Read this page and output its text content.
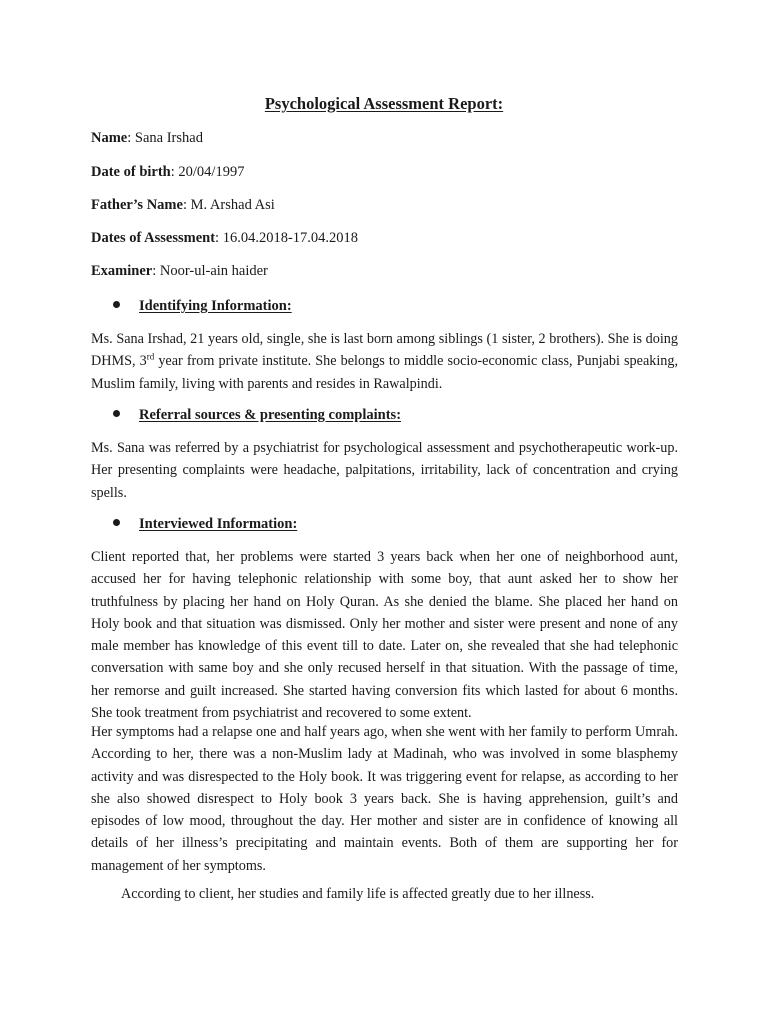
Psychological Assessment Report:
Name: Sana Irshad
Date of birth: 20/04/1997
Father’s Name: M. Arshad Asi
Dates of Assessment: 16.04.2018-17.04.2018
Examiner: Noor-ul-ain haider
Identifying Information:
Ms. Sana Irshad, 21 years old, single, she is last born among siblings (1 sister, 2 brothers). She is doing DHMS, 3rd year from private institute. She belongs to middle socio-economic class, Punjabi speaking, Muslim family, living with parents and resides in Rawalpindi.
Referral sources & presenting complaints:
Ms. Sana was referred by a psychiatrist for psychological assessment and psychotherapeutic work-up. Her presenting complaints were headache, palpitations, irritability, lack of concentration and crying spells.
Interviewed Information:
Client reported that, her problems were started 3 years back when her one of neighborhood aunt, accused her for having telephonic relationship with some boy, that aunt asked her to show her truthfulness by placing her hand on Holy Quran. As she denied the blame. She placed her hand on Holy book and that situation was dismissed. Only her mother and sister were present and none of any male member has knowledge of this event till to date. Later on, she revealed that she had telephonic conversation with same boy and she only recused herself in that situation. With the passage of time, her remorse and guilt increased. She started having conversion fits which lasted for about 6 months. She took treatment from psychiatrist and recovered to some extent.
Her symptoms had a relapse one and half years ago, when she went with her family to perform Umrah. According to her, there was a non-Muslim lady at Madinah, who was involved in some blasphemy activity and was disrespected to the Holy book. It was triggering event for relapse, as according to her she also showed disrespect to Holy book 3 years back. She is having apprehension, guilt’s and episodes of low mood, throughout the day. Her mother and sister are in confidence of knowing all details of her illness’s precipitating and maintain events. Both of them are supporting her for management of her symptoms.
According to client, her studies and family life is affected greatly due to her illness.
